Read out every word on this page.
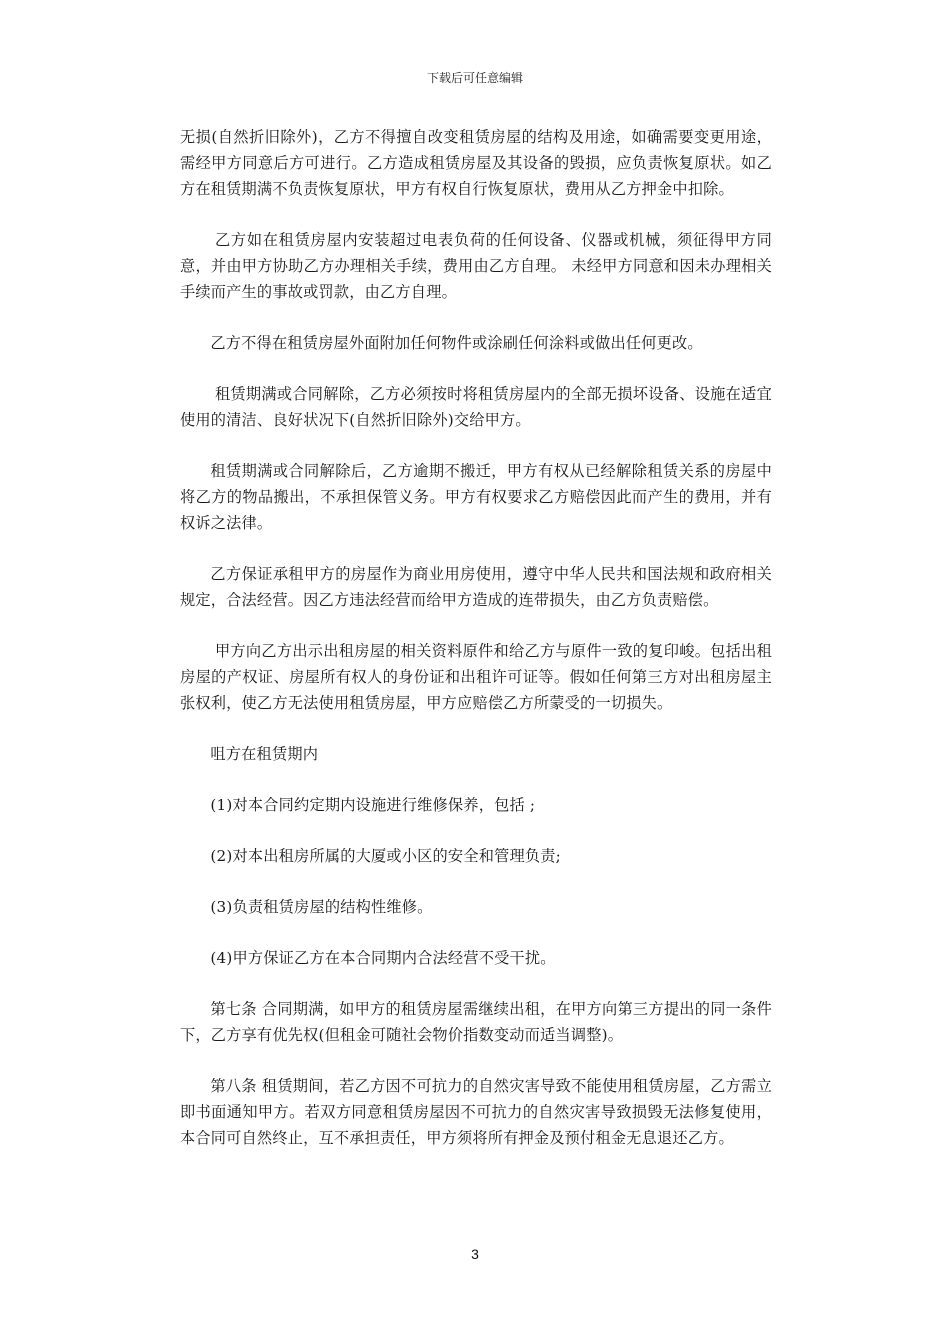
下载后可任意编辑

无损(自然折旧除外)，乙方不得擅自改变租赁房屋的结构及用途，如确需要变更用途，需经甲方同意后方可进行。乙方造成租赁房屋及其设备的毁损，应负责恢复原状。如乙方在租赁期满不负责恢复原状，甲方有权自行恢复原状，费用从乙方押金中扣除。

乙方如在租赁房屋内安装超过电表负荷的任何设备、仪器或机械，须征得甲方同意，并由甲方协助乙方办理相关手续，费用由乙方自理。 未经甲方同意和因未办理相关手续而产生的事故或罚款，由乙方自理。

乙方不得在租赁房屋外面附加任何物件或涂刷任何涂料或做出任何更改。

租赁期满或合同解除，乙方必须按时将租赁房屋内的全部无损坏设备、设施在适宜使用的清洁、良好状况下(自然折旧除外)交给甲方。

租赁期满或合同解除后，乙方逾期不搬迁，甲方有权从已经解除租赁关系的房屋中将乙方的物品搬出，不承担保管义务。甲方有权要求乙方赔偿因此而产生的费用，并有权诉之法律。

乙方保证承租甲方的房屋作为商业用房使用，遵守中华人民共和国法规和政府相关规定，合法经营。因乙方违法经营而给甲方造成的连带损失，由乙方负责赔偿。

甲方向乙方出示出租房屋的相关资料原件和给乙方与原件一致的复印峻。包括出租房屋的产权证、房屋所有权人的身份证和出租许可证等。假如任何第三方对出租房屋主张权利，使乙方无法使用租赁房屋，甲方应赔偿乙方所蒙受的一切损失。

咀方在租赁期内

(1)对本合同约定期内设施进行维修保养，包括 ;

(2)对本出租房所属的大厦或小区的安全和管理负责;

(3)负责租赁房屋的结构性维修。

(4)甲方保证乙方在本合同期内合法经营不受干扰。

第七条 合同期满，如甲方的租赁房屋需继续出租，在甲方向第三方提出的同一条件下，乙方享有优先权(但租金可随社会物价指数变动而适当调整)。

第八条 租赁期间，若乙方因不可抗力的自然灾害导致不能使用租赁房屋，乙方需立即书面通知甲方。若双方同意租赁房屋因不可抗力的自然灾害导致损毁无法修复使用，本合同可自然终止，互不承担责任，甲方须将所有押金及预付租金无息退还乙方。

3
